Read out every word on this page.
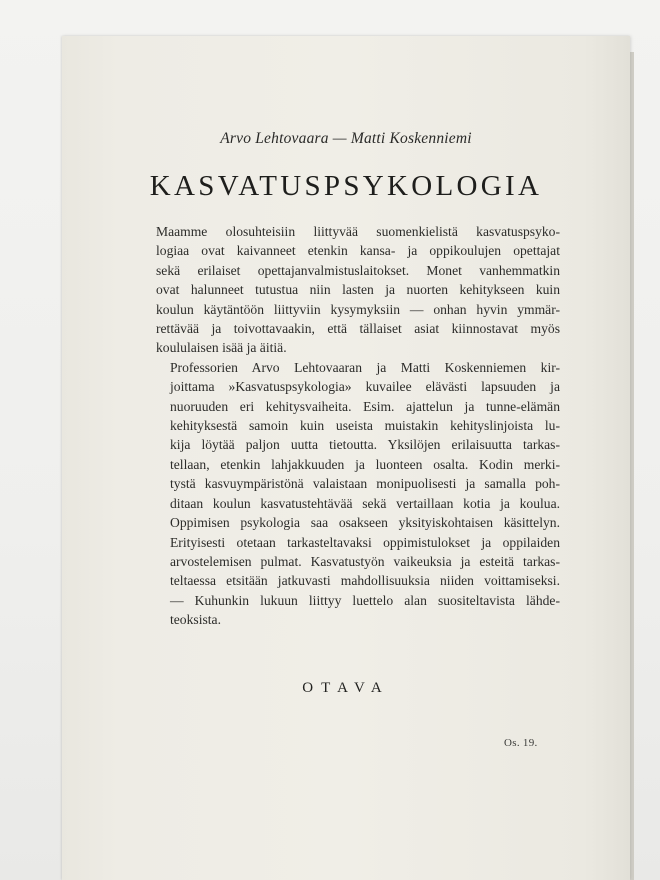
Arvo Lehtovaara — Matti Koskenniemi
KASVATUSPSYKOLOGIA

Maamme olosuhteisiin liittyvää suomenkielistä kasvatuspsyko-
logiaa ovat kaivanneet etenkin kansa- ja oppikoulujen opettajat
sekä erilaiset opettajanvalmistuslaitokset. Monet vanhemmatkin
ovat halunneet tutustua niin lasten ja nuorten kehitykseen kuin
koulun käytäntöön liittyviin kysymyksiin — onhan hyvin ymmär-
rettävää ja toivottavaakin, että tällaiset asiat kiinnostavat myös
koululaisen isää ja äitiä.

Professorien Arvo Lehtovaaran ja Matti Koskenniemen kir-
joittama »Kasvatuspsykologia» kuvailee elävästi lapsuuden ja
nuoruuden eri kehitysvaiheita. Esim. ajattelun ja tunne-elämän
kehityksestä samoin kuin useista muistakin kehityslinjoista lu-
kija löytää paljon uutta tietoutta. Yksilöjen erilaisuutta tarkas-
tellaan, etenkin lahjakkuuden ja luonteen osalta. Kodin merki-
tystä kasvuympäristönä valaistaan monipuolisesti ja samalla poh-
ditaan koulun kasvatustehtävää sekä vertaillaan kotia ja koulua.
Oppimisen psykologia saa osakseen yksityiskohtaisen käsittelyn.
Erityisesti otetaan tarkasteltavaksi oppimistulokset ja oppilaiden
arvostelemisen pulmat. Kasvatustyön vaikeuksia ja esteitä tarkas-
teltaessa etsitään jatkuvasti mahdollisuuksia niiden voittamiseksi.
— Kuhunkin lukuun liittyy luettelo alan suositeltavista lähde-
teoksista.

OTAVA
Os. 19.
